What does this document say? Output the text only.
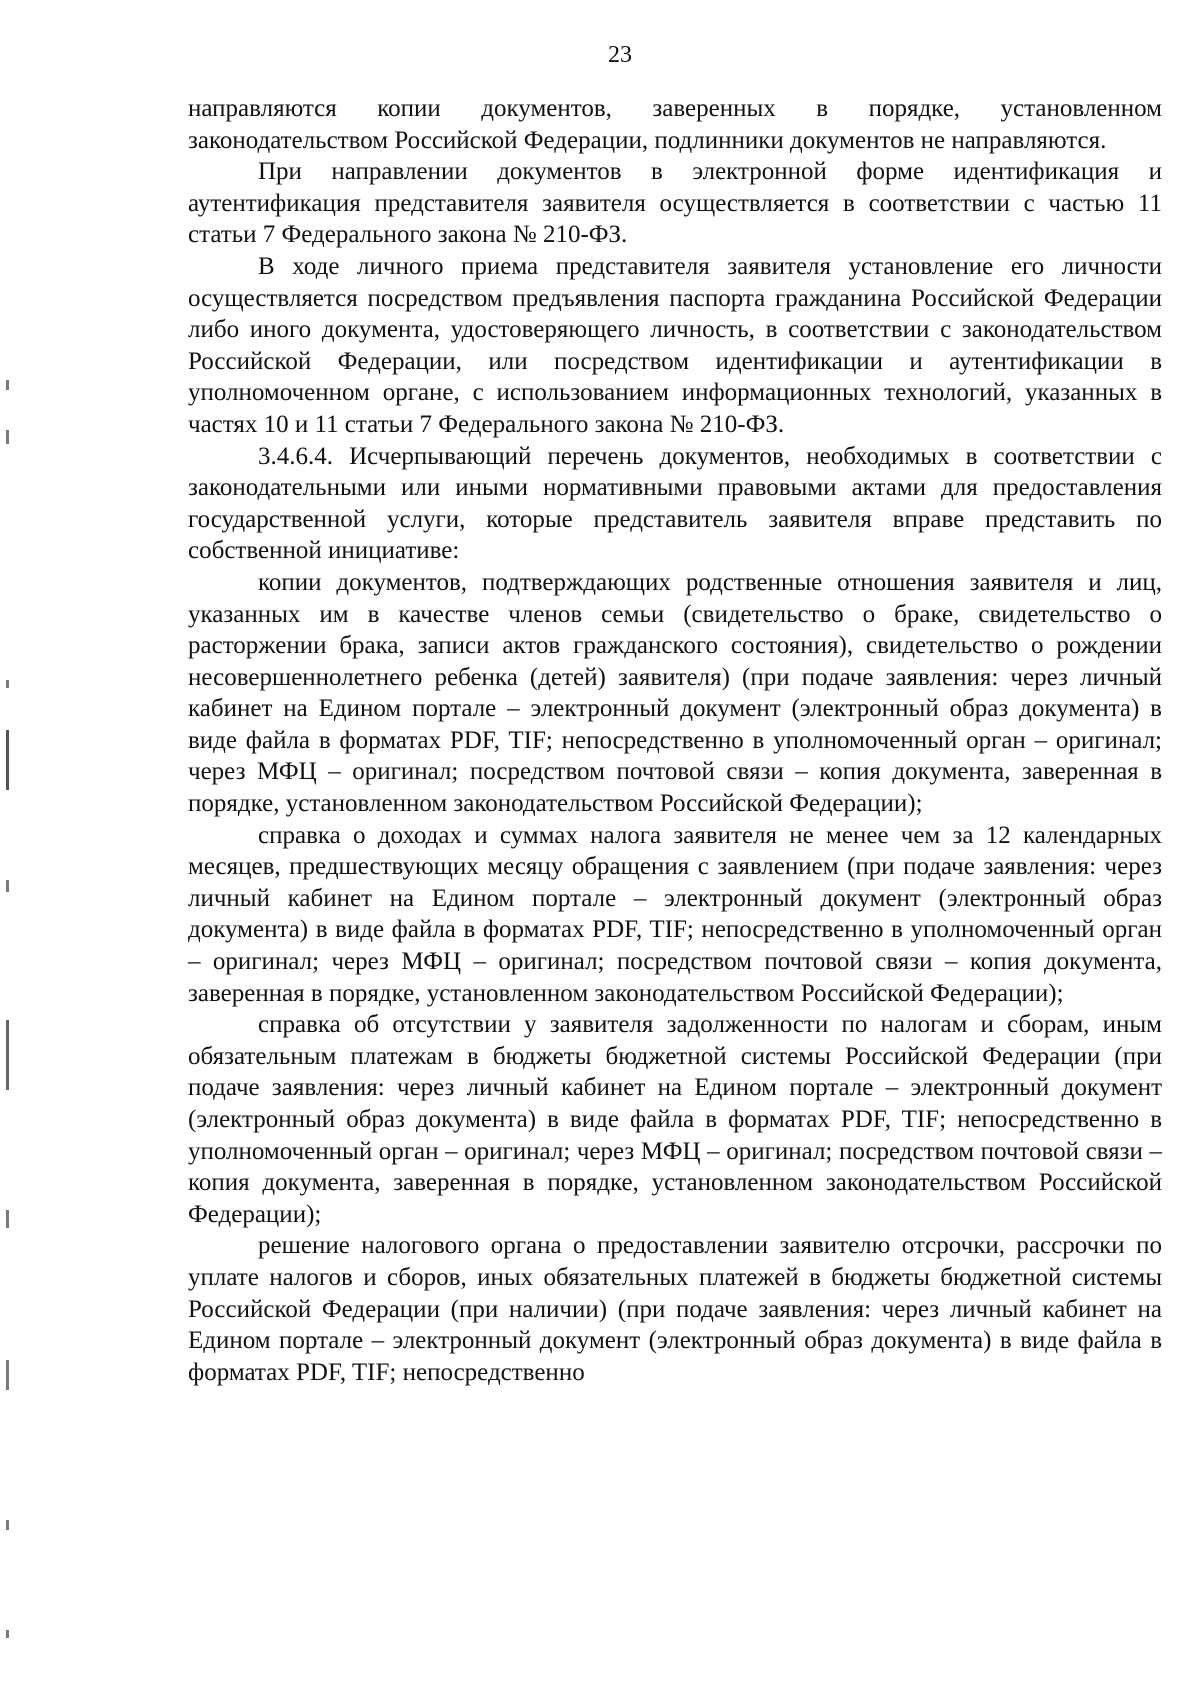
23

направляются копии документов, заверенных в порядке, установленном законодательством Российской Федерации, подлинники документов не направляются.

При направлении документов в электронной форме идентификация и аутентификация представителя заявителя осуществляется в соответствии с частью 11 статьи 7 Федерального закона № 210-ФЗ.

В ходе личного приема представителя заявителя установление его личности осуществляется посредством предъявления паспорта гражданина Российской Федерации либо иного документа, удостоверяющего личность, в соответствии с законодательством Российской Федерации, или посредством идентификации и аутентификации в уполномоченном органе, с использованием информационных технологий, указанных в частях 10 и 11 статьи 7 Федерального закона № 210-ФЗ.

3.4.6.4. Исчерпывающий перечень документов, необходимых в соответствии с законодательными или иными нормативными правовыми актами для предоставления государственной услуги, которые представитель заявителя вправе представить по собственной инициативе:

копии документов, подтверждающих родственные отношения заявителя и лиц, указанных им в качестве членов семьи (свидетельство о браке, свидетельство о расторжении брака, записи актов гражданского состояния), свидетельство о рождении несовершеннолетнего ребенка (детей) заявителя) (при подаче заявления: через личный кабинет на Едином портале – электронный документ (электронный образ документа) в виде файла в форматах PDF, TIF; непосредственно в уполномоченный орган – оригинал; через МФЦ – оригинал; посредством почтовой связи – копия документа, заверенная в порядке, установленном законодательством Российской Федерации);

справка о доходах и суммах налога заявителя не менее чем за 12 календарных месяцев, предшествующих месяцу обращения с заявлением (при подаче заявления: через личный кабинет на Едином портале – электронный документ (электронный образ документа) в виде файла в форматах PDF, TIF; непосредственно в уполномоченный орган – оригинал; через МФЦ – оригинал; посредством почтовой связи – копия документа, заверенная в порядке, установленном законодательством Российской Федерации);

справка об отсутствии у заявителя задолженности по налогам и сборам, иным обязательным платежам в бюджеты бюджетной системы Российской Федерации (при подаче заявления: через личный кабинет на Едином портале – электронный документ (электронный образ документа) в виде файла в форматах PDF, TIF; непосредственно в уполномоченный орган – оригинал; через МФЦ – оригинал; посредством почтовой связи – копия документа, заверенная в порядке, установленном законодательством Российской Федерации);

решение налогового органа о предоставлении заявителю отсрочки, рассрочки по уплате налогов и сборов, иных обязательных платежей в бюджеты бюджетной системы Российской Федерации (при наличии) (при подаче заявления: через личный кабинет на Едином портале – электронный документ (электронный образ документа) в виде файла в форматах PDF, TIF; непосредственно
